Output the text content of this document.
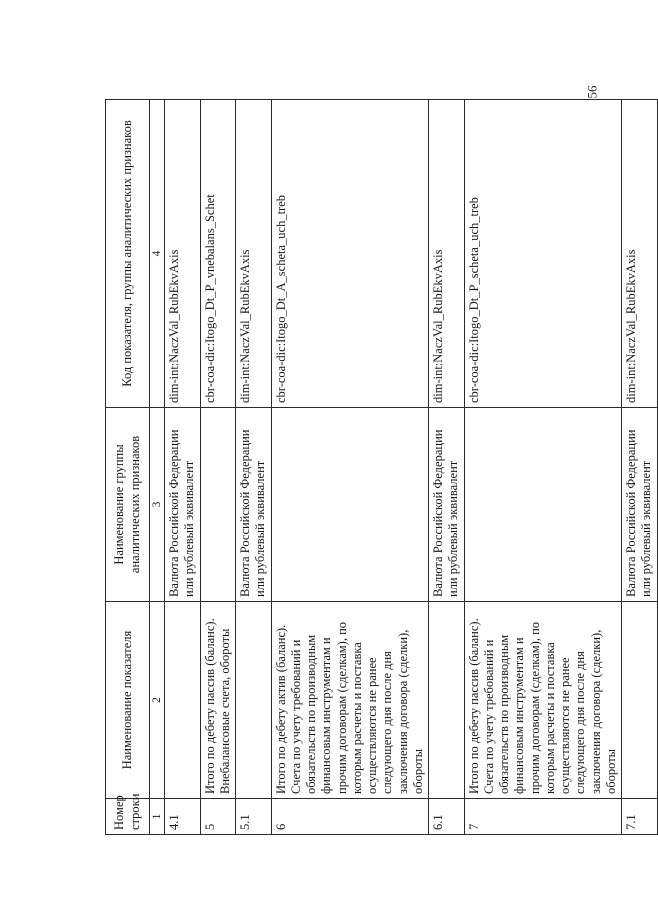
56
Номер строки	Наименование показателя	Наименование группы аналитических признаков	Код показателя, группы аналитических признаков
1	2	3	4
4.1		Валюта Российской Федерации или рублевый эквивалент	dim-int:NaczVal_RubEkvAxis
5	Итого по дебету пассив (баланс). Внебалансовые счета, обороты		cbr-coa-dic:Itogo_Dt_P_vnebalans_Schet
5.1		Валюта Российской Федерации или рублевый эквивалент	dim-int:NaczVal_RubEkvAxis
6	Итого по дебету актив (баланс). Счета по учету требований и обязательств по производным финансовым инструментам и прочим договорам (сделкам), по которым расчеты и поставка осуществляются не ранее следующего дня после дня заключения договора (сделки), обороты		cbr-coa-dic:Itogo_Dt_A_scheta_uch_treb
6.1		Валюта Российской Федерации или рублевый эквивалент	dim-int:NaczVal_RubEkvAxis
7	Итого по дебету пассив (баланс). Счета по учету требований и обязательств по производным финансовым инструментам и прочим договорам (сделкам), по которым расчеты и поставка осуществляются не ранее следующего дня после дня заключения договора (сделки), обороты		cbr-coa-dic:Itogo_Dt_P_scheta_uch_treb
7.1		Валюта Российской Федерации или рублевый эквивалент	dim-int:NaczVal_RubEkvAxis
